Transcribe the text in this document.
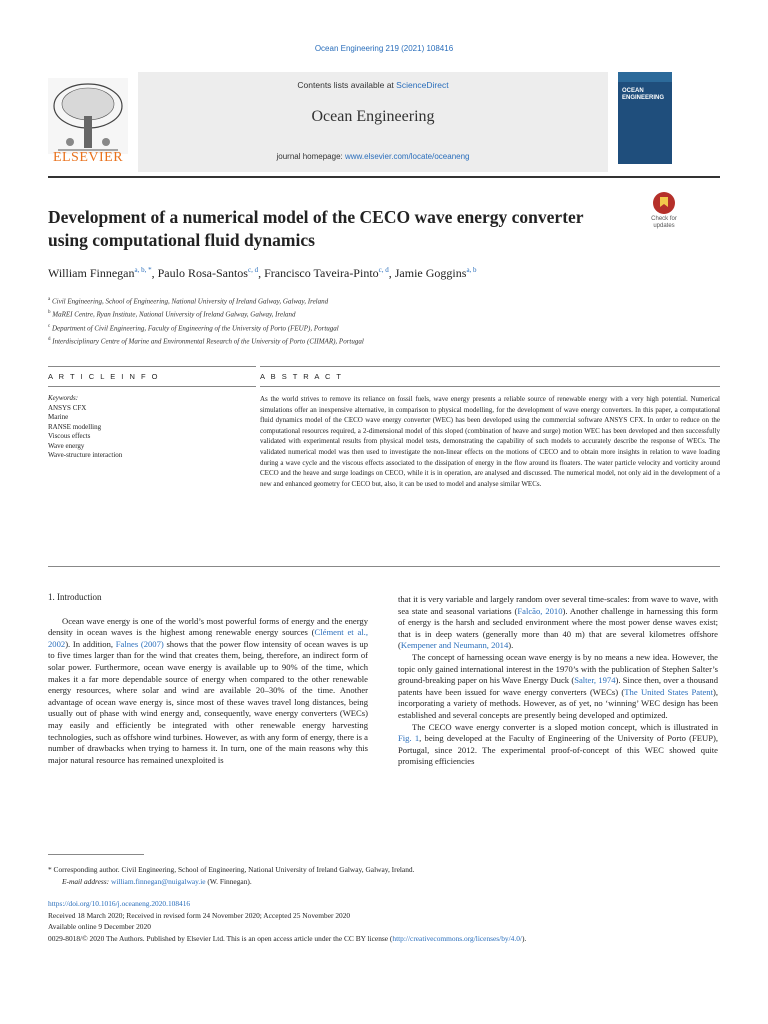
Ocean Engineering 219 (2021) 108416
ELSEVIER
Contents lists available at ScienceDirect
Ocean Engineering
journal homepage: www.elsevier.com/locate/oceaneng
OCEAN
ENGINEERING
Development of a numerical model of the CECO wave energy converter using computational fluid dynamics
Check for
updates
William Finnegan$^{a, b, *}$, Paulo Rosa-Santos$^{c, d}$, Francisco Taveira-Pinto$^{c, d}$, Jamie Goggins$^{a, b}$
$^a$ Civil Engineering, School of Engineering, National University of Ireland Galway, Galway, Ireland
$^b$ MaREI Centre, Ryan Institute, National University of Ireland Galway, Galway, Ireland
$^c$ Department of Civil Engineering, Faculty of Engineering of the University of Porto (FEUP), Portugal
$^d$ Interdisciplinary Centre of Marine and Environmental Research of the University of Porto (CIIMAR), Portugal
A R T I C L E I N F O	A B S T R A C T
Keywords:
ANSYS CFX
Marine
RANSE modelling
Viscous effects
Wave energy
Wave-structure interaction
As the world strives to remove its reliance on fossil fuels, wave energy presents a reliable source of renewable energy with a very high potential. Numerical simulations offer an inexpensive alternative, in comparison to physical modelling, for the development of wave energy converters. In this paper, a computational fluid dynamics model of the CECO wave energy converter (WEC) has been developed using the commercial software ANSYS CFX. In order to reduce on the computational resources required, a 2-dimensional model of this sloped (combination of heave and surge) motion WEC has been developed and then successfully validated with experimental results from physical model tests, demonstrating the capability of such models to accurately describe the response of WECs. The validated numerical model was then used to investigate the non-linear effects on the motions of CECO and to obtain more insights in relation to wave loading during a wave cycle and the viscous effects associated to the dissipation of energy in the flow around its floaters. The water particle velocity and vorticity around CECO and the heave and surge loadings on CECO, while it is in operation, are analysed and discussed. The numerical model, not only aid in the development of a new and enhanced geometry for CECO but, also, it can be used to model and analyse similar WECs.
1. Introduction

Ocean wave energy is one of the world’s most powerful forms of energy and the energy density in ocean waves is the highest among renewable energy sources (Clément et al., 2002). In addition, Falnes (2007) shows that the power flow intensity of ocean waves is up to five times larger than for the wind that creates them, being, therefore, an indirect form of solar power. Furthermore, ocean wave energy is available up to 90% of the time, which makes it a far more dependable source of energy when compared to the other renewable energy resources, where solar and wind are available 20–30% of the time. Another advantage of ocean wave energy is, since most of these waves travel long distances, being usually out of phase with wind energy and, consequently, wave energy converters (WECs) may easily and efficiently be integrated with other renewable energy harvesting technologies, such as offshore wind turbines. However, as with any form of energy, there is a number of drawbacks when trying to harness it. In turn, one of the main reasons why this major natural resource has remained unexploited is

that it is very variable and largely random over several time-scales: from wave to wave, with sea state and seasonal variations (Falcão, 2010). Another challenge in harnessing this form of energy is the harsh and secluded environment where the most power dense waves exist; that is in deep waters (generally more than 40 m) that are several kilometres offshore (Kempener and Neumann, 2014).

The concept of harnessing ocean wave energy is by no means a new idea. However, the topic only gained international interest in the 1970’s with the publication of Stephen Salter’s ground-breaking paper on his Wave Energy Duck (Salter, 1974). Since then, over a thousand patents have been issued for wave energy converters (WECs) (The United States Patent), incorporating a variety of methods. However, as of yet, no ‘winning’ WEC design has been established and several concepts are presently being developed and optimized.

The CECO wave energy converter is a sloped motion concept, which is illustrated in Fig. 1, being developed at the Faculty of Engineering of the University of Porto (FEUP), Portugal, since 2012. The experimental proof-of-concept of this WEC showed quite promising efficiencies

* Corresponding author. Civil Engineering, School of Engineering, National University of Ireland Galway, Galway, Ireland.
E-mail address: william.finnegan@nuigalway.ie (W. Finnegan).
https://doi.org/10.1016/j.oceaneng.2020.108416
Received 18 March 2020; Received in revised form 24 November 2020; Accepted 25 November 2020
Available online 9 December 2020
0029-8018/© 2020 The Authors. Published by Elsevier Ltd. This is an open access article under the CC BY license (http://creativecommons.org/licenses/by/4.0/).
